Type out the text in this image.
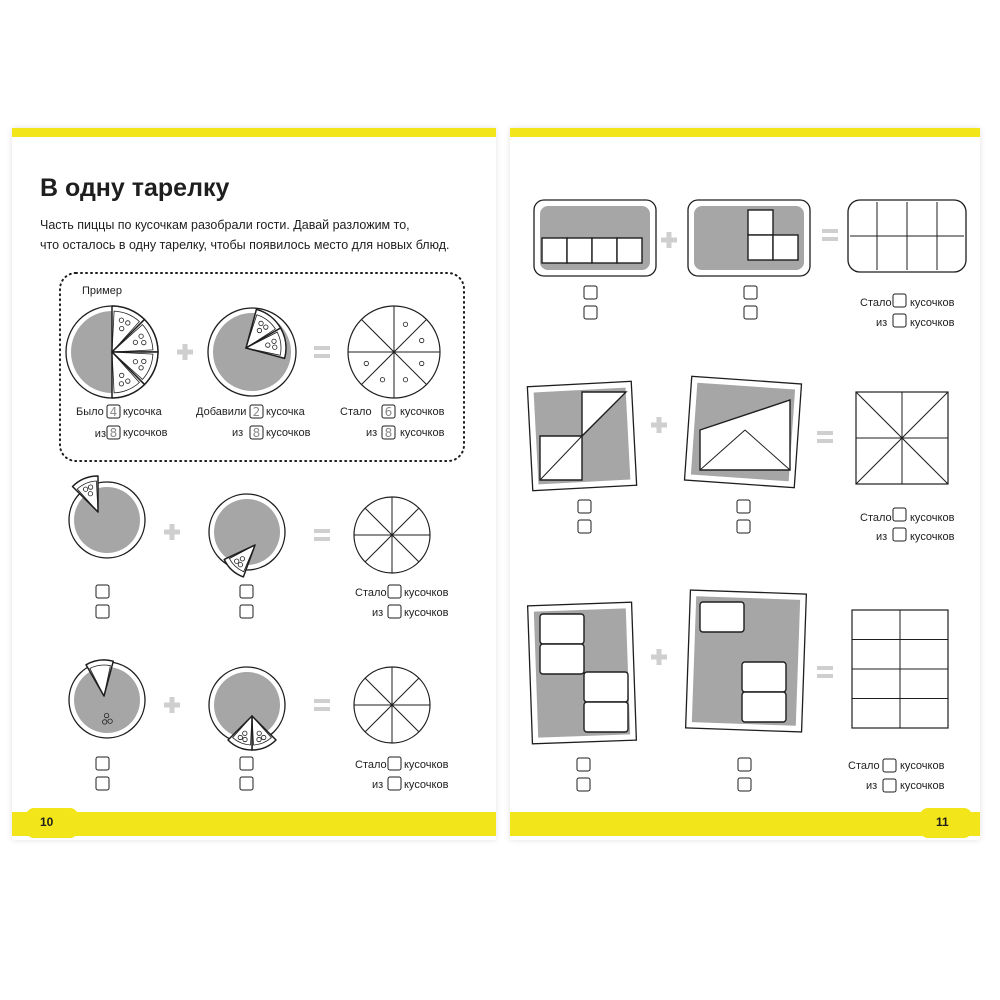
4
8
2
8
6
8
из
В одну тарелку
Часть пиццы по кусочкам разобрали гости. Давай разложим то,
что осталось в одну тарелку, чтобы появилось место для новых блюд.
Пример
Было кусочка
кусочков
Добавили кусочка
из кусочков
Стало	кусочков
из кусочков
Стало кусочков
из кусочков
Стало кусочков
из кусочков
Стало кусочков
из кусочков
Стало кусочков
из кусочков
Стало кусочков
из кусочков
10	11
